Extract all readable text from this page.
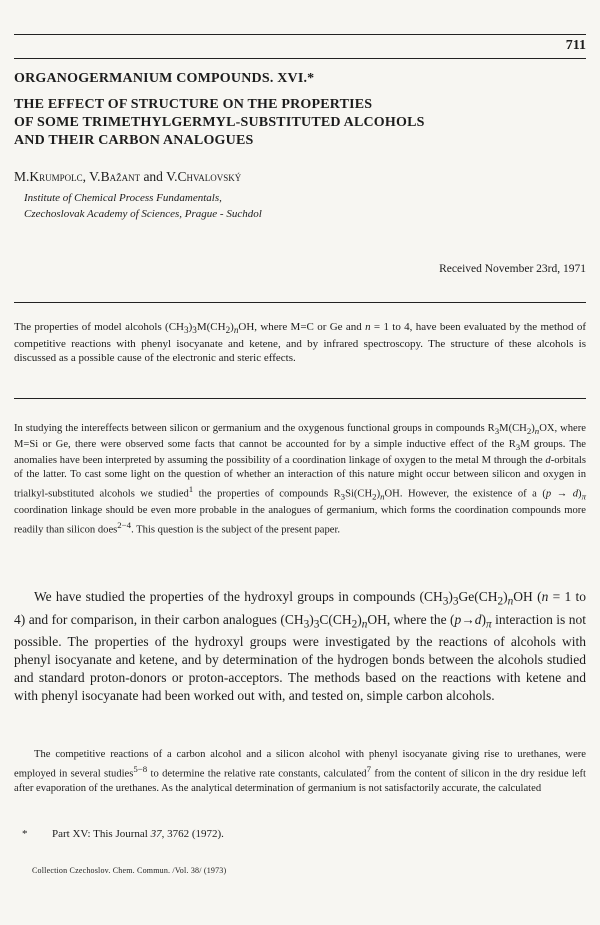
711
ORGANOGERMANIUM COMPOUNDS. XVI.*
THE EFFECT OF STRUCTURE ON THE PROPERTIES
OF SOME TRIMETHYLGERMYL-SUBSTITUTED ALCOHOLS
AND THEIR CARBON ANALOGUES
M.Krumpolc, V.Bažant and V.Chvalovský
Institute of Chemical Process Fundamentals,
Czechoslovak Academy of Sciences, Prague - Suchdol
Received November 23rd, 1971

The properties of model alcohols $(CH_3)_3M(CH_2)_nOH$, where M=C or Ge and n = 1 to 4, have been evaluated by the method of competitive reactions with phenyl isocyanate and ketene, and by infrared spectroscopy. The structure of these alcohols is discussed as a possible cause of the electronic and steric effects.

In studying the intereffects between silicon or germanium and the oxygenous functional groups in compounds $R_3M(CH_2)_nOX$, where M=Si or Ge, there were observed some facts that cannot be accounted for by a simple inductive effect of the $R_3M$ groups. The anomalies have been interpreted by assuming the possibility of a coordination linkage of oxygen to the metal M through the d-orbitals of the latter. To cast some light on the question of whether an interaction of this nature might occur between silicon and oxygen in trialkyl-substituted alcohols we studied$^1$ the properties of compounds $R_3Si(CH_2)_nOH$. However, the existence of a $(p \to d)_\pi$ coordination linkage should be even more probable in the analogues of germanium, which forms the coordination compounds more readily than silicon does$^{2-4}$. This question is the subject of the present paper.

We have studied the properties of the hydroxyl groups in compounds $(CH_3)_3Ge(CH_2)_nOH$ (n = 1 to 4) and for comparison, in their carbon analogues $(CH_3)_3C(CH_2)_nOH$, where the $(p\to d)_\pi$ interaction is not possible. The properties of the hydroxyl groups were investigated by the reactions of alcohols with phenyl isocyanate and ketene, and by determination of the hydrogen bonds between the alcohols studied and standard proton-donors or proton-acceptors. The methods based on the reactions with ketene and with phenyl isocyanate had been worked out with, and tested on, simple carbon alcohols.

The competitive reactions of a carbon alcohol and a silicon alcohol with phenyl isocyanate giving rise to urethanes, were employed in several studies$^{5-8}$ to determine the relative rate constants, calculated$^7$ from the content of silicon in the dry residue left after evaporation of the urethanes. As the analytical determination of germanium is not satisfactorily accurate, the calculated

* Part XV: This Journal 37, 3762 (1972).
Collection Czechoslov. Chem. Commun. /Vol. 38/ (1973)
